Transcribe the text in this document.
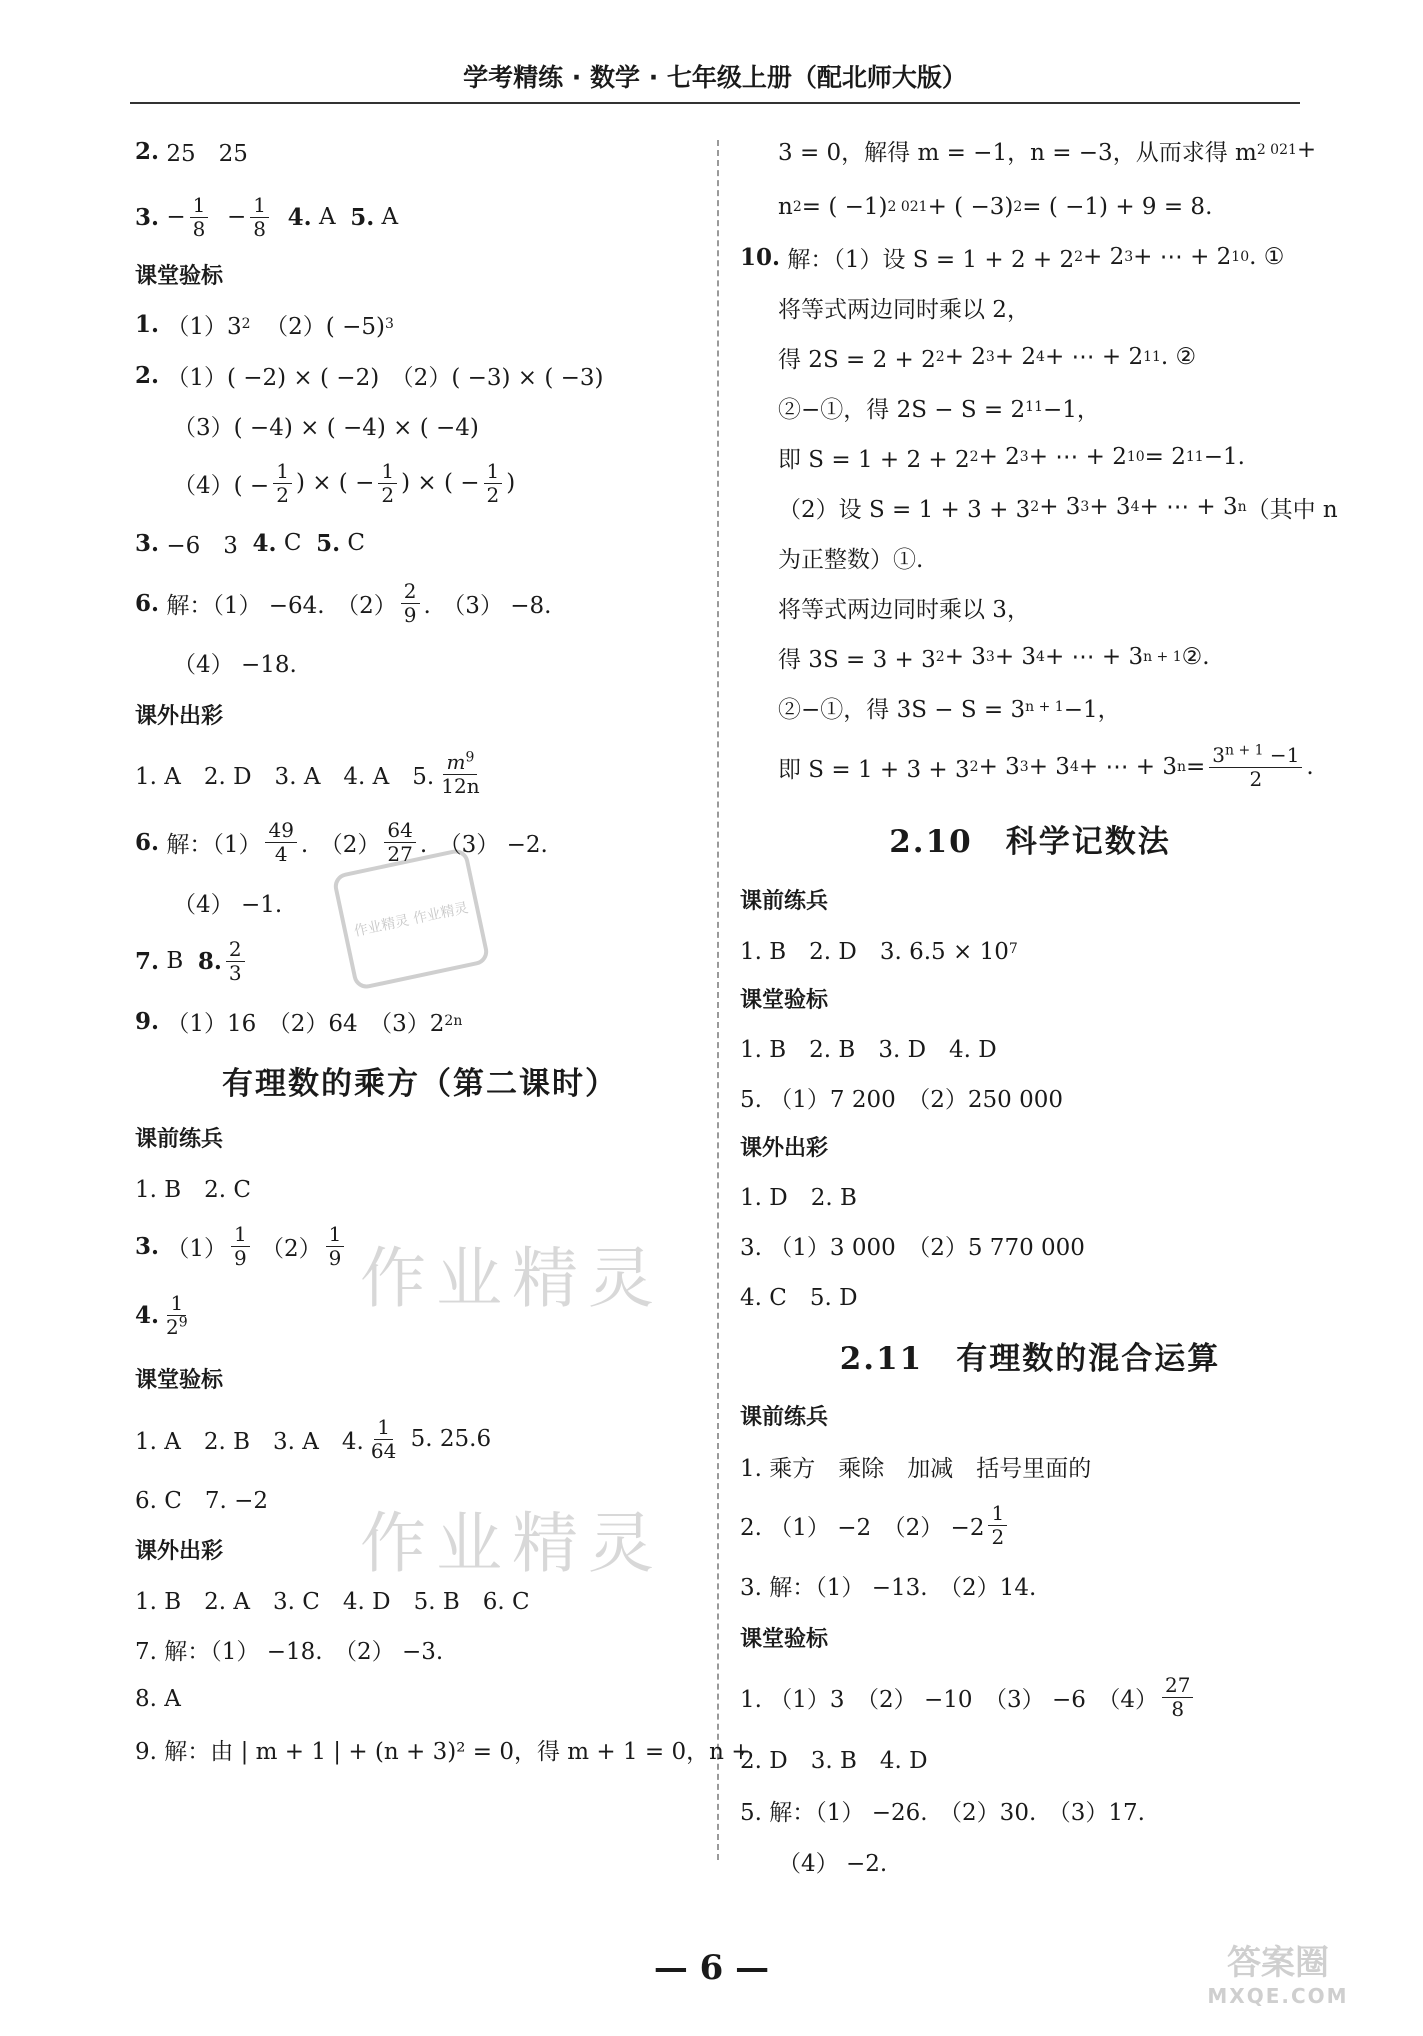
学考精练 · 数学 · 七年级上册（配北师大版）
作业精灵
作业精灵
作业精灵 作业精灵
2.
25　25
3.
− $\frac{1}{8}$
− $\frac{1}{8}$
4.
A
5.
A
课堂验标
1.
（1）3 2
（2）( −5) 3
2.
（1）( −2) × ( −2)　（2）( −3) × ( −3)
（3）( −4) × ( −4) × ( −4)
$(4)( - \frac{1}{2}$ ) × ( − $\frac{1}{2}$ ) × ( − $\frac{1}{2}$ )
3.
−6　3
4.
C
5.
C
6.
解：（1） −64.　$(2) \frac{2}{9}$ .　（3） −8.
（4） −18.
课外出彩
1. A　2. D　3. A　4. A　5. $\frac{m^9}{12n}$
6.
解：$(1) \frac{49}{4}$ .　$(2) \frac{64}{27}$ .　（3） −2.
（4） −1.
7.
B
8. $\frac{2}{3}$
9.
（1）16　（2）64　（3）2 2n
有理数的乘方（第二课时）
课前练兵
1. B　2. C
3.
$(1) \frac{1}{9}$
$(2) \frac{1}{9}$
4. $\frac{1}{2^9}$
课堂验标
1. A　2. B　3. A　4. $\frac{1}{64}$
5. 25.6
6. C　7. −2
课外出彩
1. B　2. A　3. C　4. D　5. B　6. C
7. 解：（1） −18.　（2） −3.
8. A
9. 解：由 | m + 1 | + (n + 3)² = 0，得 m + 1 = 0，n +
3 = 0，解得 m = −1，n = −3，从而求得 m 2 021 +
n 2 = ( −1) 2 021 + ( −3) 2 = ( −1) + 9 = 8.
10.
解：（1）设 S = 1 + 2 + 2 2 + 2 3 + ⋯ + 2 10 . ①
将等式两边同时乘以 2，
得 2S = 2 + 2 2 + 2 3 + 2 4 + ⋯ + 2 11 . ②
②−①，得 2S − S = 2 11 −1，
即 S = 1 + 2 + 2 2 + 2 3 + ⋯ + 2 10 = 2 11 −1.
（2）设 S = 1 + 3 + 3 2 + 3 3 + 3 4 + ⋯ + 3 n （其中 n
为正整数）①.
将等式两边同时乘以 3，
得 3S = 3 + 3 2 + 3 3 + 3 4 + ⋯ + 3 n + 1 ②.
②−①，得 3S − S = 3 n + 1 −1，
即 S = 1 + 3 + 3 2 + 3 3 + 3 4 + ⋯ + 3 $n = \frac{3^{n + 1} -1}{2}$ .
2.10　科学记数法
课前练兵
1. B　2. D　3. 6.5 × 10 7
课堂验标
1. B　2. B　3. D　4. D
5. （1）7 200　（2）250 000
课外出彩
1. D　2. B
3. （1）3 000　（2）5 770 000
4. C　5. D
2.11　有理数的混合运算
课前练兵
1. 乘方　乘除　加减　括号里面的
2. （1） −2　$(2) -2 \frac{1}{2}$
3. 解：（1） −13.　（2）14.
课堂验标
1. （1）3　（2） −10　（3） −6　$(4) \frac{27}{8}$
2. D　3. B　4. D
5. 解：（1） −26.　（2）30.　（3）17.
（4） −2.
— 6 —	答案圈
MXQE.COM
